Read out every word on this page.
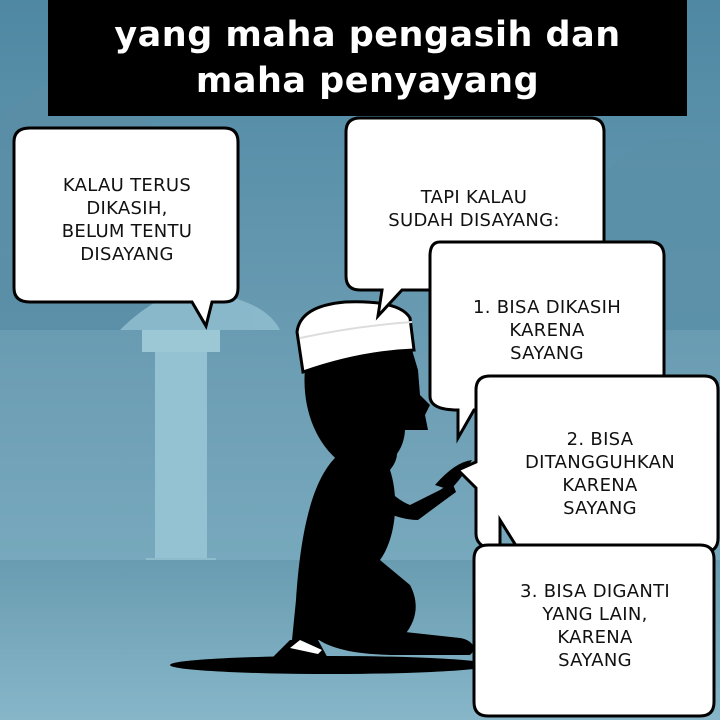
yang maha pengasih dan
maha penyayang
KALAU TERUS
DIKASIH,
BELUM TENTU
DISAYANG
TAPI KALAU
SUDAH DISAYANG:
1. BISA DIKASIH
KARENA
SAYANG
2. BISA
DITANGGUHKAN
KARENA
SAYANG
3. BISA DIGANTI
YANG LAIN,
KARENA
SAYANG
